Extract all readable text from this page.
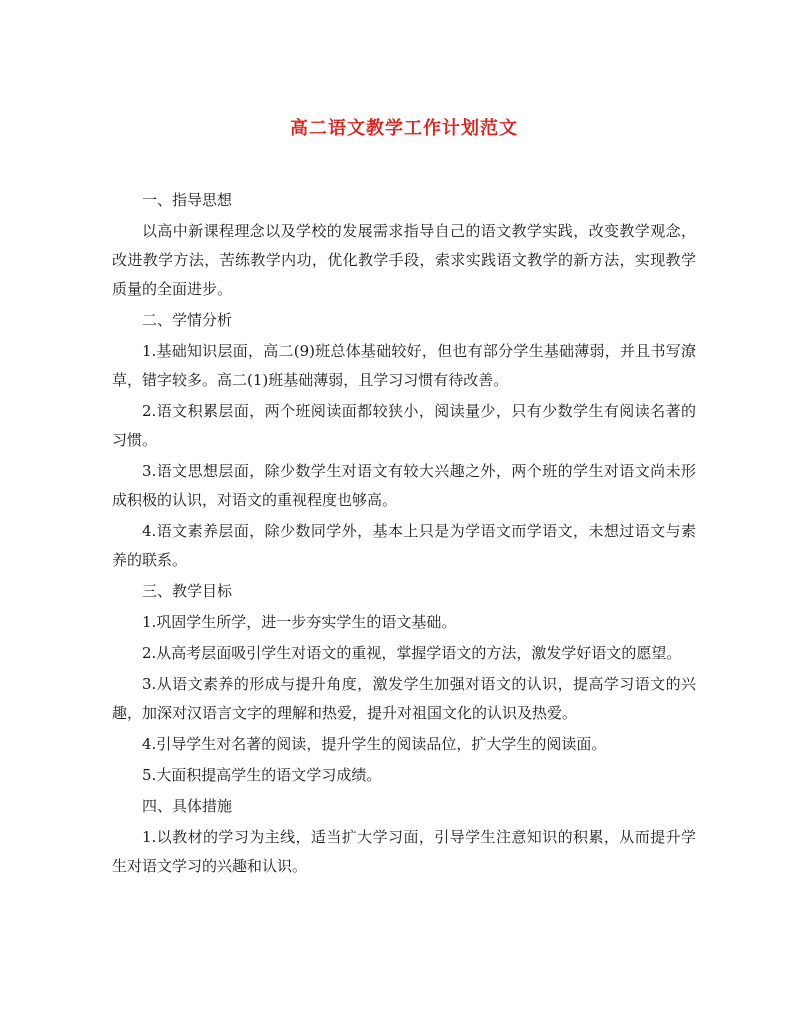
高二语文教学工作计划范文

一、指导思想

以高中新课程理念以及学校的发展需求指导自己的语文教学实践，改变教学观念，改进教学方法，苦练教学内功，优化教学手段，索求实践语文教学的新方法，实现教学质量的全面进步。

二、学情分析

1.基础知识层面，高二(9)班总体基础较好，但也有部分学生基础薄弱，并且书写潦草，错字较多。高二(1)班基础薄弱，且学习习惯有待改善。

2.语文积累层面，两个班阅读面都较狭小，阅读量少，只有少数学生有阅读名著的习惯。

3.语文思想层面，除少数学生对语文有较大兴趣之外，两个班的学生对语文尚未形成积极的认识，对语文的重视程度也够高。

4.语文素养层面，除少数同学外，基本上只是为学语文而学语文，未想过语文与素养的联系。

三、教学目标

1.巩固学生所学，进一步夯实学生的语文基础。

2.从高考层面吸引学生对语文的重视，掌握学语文的方法，激发学好语文的愿望。

3.从语文素养的形成与提升角度，激发学生加强对语文的认识，提高学习语文的兴趣，加深对汉语言文字的理解和热爱，提升对祖国文化的认识及热爱。

4.引导学生对名著的阅读，提升学生的阅读品位，扩大学生的阅读面。

5.大面积提高学生的语文学习成绩。

四、具体措施

1.以教材的学习为主线，适当扩大学习面，引导学生注意知识的积累，从而提升学生对语文学习的兴趣和认识。
